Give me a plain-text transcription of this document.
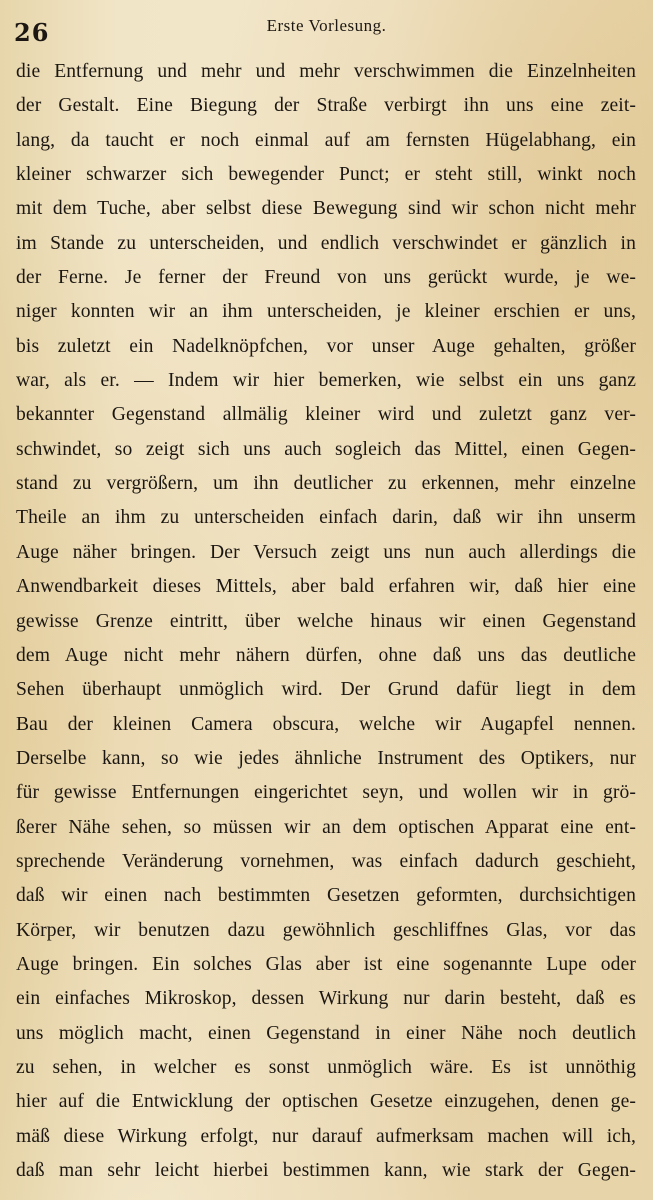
26	Erste Vorlesung.
die Entfernung und mehr und mehr verschwimmen die Einzelnheiten
der Gestalt. Eine Biegung der Straße verbirgt ihn uns eine zeit-
lang, da taucht er noch einmal auf am fernsten Hügelabhang, ein
kleiner schwarzer sich bewegender Punct; er steht still, winkt noch
mit dem Tuche, aber selbst diese Bewegung sind wir schon nicht mehr
im Stande zu unterscheiden, und endlich verschwindet er gänzlich in
der Ferne. Je ferner der Freund von uns gerückt wurde, je we-
niger konnten wir an ihm unterscheiden, je kleiner erschien er uns,
bis zuletzt ein Nadelknöpfchen, vor unser Auge gehalten, größer
war, als er. — Indem wir hier bemerken, wie selbst ein uns ganz
bekannter Gegenstand allmälig kleiner wird und zuletzt ganz ver-
schwindet, so zeigt sich uns auch sogleich das Mittel, einen Gegen-
stand zu vergrößern, um ihn deutlicher zu erkennen, mehr einzelne
Theile an ihm zu unterscheiden einfach darin, daß wir ihn unserm
Auge näher bringen. Der Versuch zeigt uns nun auch allerdings die
Anwendbarkeit dieses Mittels, aber bald erfahren wir, daß hier eine
gewisse Grenze eintritt, über welche hinaus wir einen Gegenstand
dem Auge nicht mehr nähern dürfen, ohne daß uns das deutliche
Sehen überhaupt unmöglich wird. Der Grund dafür liegt in dem
Bau der kleinen Camera obscura, welche wir Augapfel nennen.
Derselbe kann, so wie jedes ähnliche Instrument des Optikers, nur
für gewisse Entfernungen eingerichtet seyn, und wollen wir in grö-
ßerer Nähe sehen, so müssen wir an dem optischen Apparat eine ent-
sprechende Veränderung vornehmen, was einfach dadurch geschieht,
daß wir einen nach bestimmten Gesetzen geformten, durchsichtigen
Körper, wir benutzen dazu gewöhnlich geschliffnes Glas, vor das
Auge bringen. Ein solches Glas aber ist eine sogenannte Lupe oder
ein einfaches Mikroskop, dessen Wirkung nur darin besteht, daß es
uns möglich macht, einen Gegenstand in einer Nähe noch deutlich
zu sehen, in welcher es sonst unmöglich wäre. Es ist unnöthig
hier auf die Entwicklung der optischen Gesetze einzugehen, denen ge-
mäß diese Wirkung erfolgt, nur darauf aufmerksam machen will ich,
daß man sehr leicht hierbei bestimmen kann, wie stark der Gegen-
